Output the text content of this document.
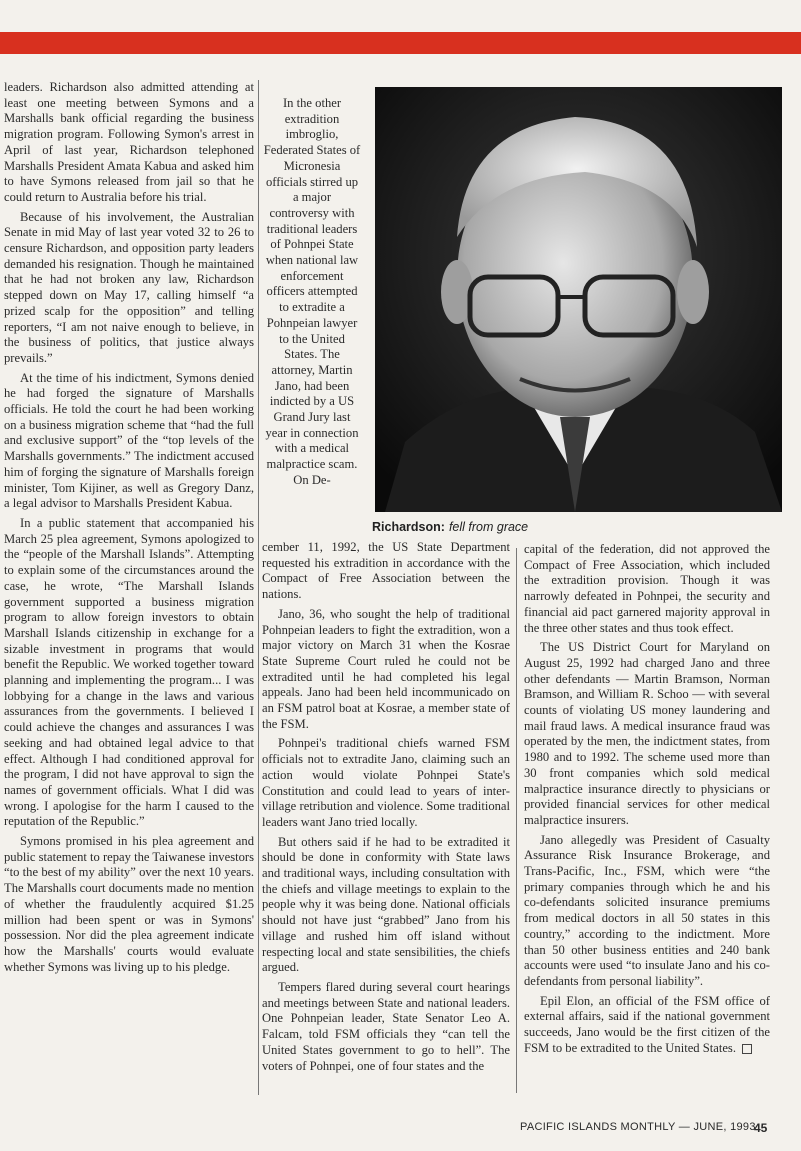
leaders. Richardson also admitted attending at least one meeting between Symons and a Marshalls bank official regarding the business migration program. Following Symon's arrest in April of last year, Richardson telephoned Marshalls President Amata Kabua and asked him to have Symons released from jail so that he could return to Australia before his trial.

Because of his involvement, the Australian Senate in mid May of last year voted 32 to 26 to censure Richardson, and opposition party leaders demanded his resignation. Though he maintained that he had not broken any law, Richardson stepped down on May 17, calling himself “a prized scalp for the opposition” and telling reporters, “I am not naive enough to believe, in the business of politics, that justice always prevails.”

At the time of his indictment, Symons denied he had forged the signature of Marshalls officials. He told the court he had been working on a business migration scheme that “had the full and exclusive support” of the “top levels of the Marshalls governments.” The indictment accused him of forging the signature of Marshalls foreign minister, Tom Kijiner, as well as Gregory Danz, a legal advisor to Marshalls President Kabua.

In a public statement that accompanied his March 25 plea agreement, Symons apologized to the “people of the Marshall Islands”. Attempting to explain some of the circumstances around the case, he wrote, “The Marshall Islands government supported a business migration program to allow foreign investors to obtain Marshall Islands citizenship in exchange for a sizable investment in programs that would benefit the Republic. We worked together toward planning and implementing the program... I was lobbying for a change in the laws and various assurances from the governments. I believed I could achieve the changes and assurances I was seeking and had obtained legal advice to that effect. Although I had conditioned approval for the program, I did not have approval to sign the names of government officials. What I did was wrong. I apologise for the harm I caused to the reputation of the Republic.”

Symons promised in his plea agreement and public statement to repay the Taiwanese investors “to the best of my ability” over the next 10 years. The Marshalls court documents made no mention of whether the fraudulently acquired $1.25 million had been spent or was in Symons' possession. Nor did the plea agreement indicate how the Marshalls' courts would evaluate whether Symons was living up to his pledge.

In the other extradition imbroglio, Federated States of Micronesia officials stirred up a major controversy with traditional leaders of Pohnpei State when national law enforcement officers attempted to extradite a Pohnpeian lawyer to the United States. The attorney, Martin Jano, had been indicted by a US Grand Jury last year in connection with a medical malpractice scam. On De-

Richardson: fell from grace

cember 11, 1992, the US State Department requested his extradition in accordance with the Compact of Free Association between the nations.

Jano, 36, who sought the help of traditional Pohnpeian leaders to fight the extradition, won a major victory on March 31 when the Kosrae State Supreme Court ruled he could not be extradited until he had completed his legal appeals. Jano had been held incommunicado on an FSM patrol boat at Kosrae, a member state of the FSM.

Pohnpei's traditional chiefs warned FSM officials not to extradite Jano, claiming such an action would violate Pohnpei State's Constitution and could lead to years of inter-village retribution and violence. Some traditional leaders want Jano tried locally.

But others said if he had to be extradited it should be done in conformity with State laws and traditional ways, including consultation with the chiefs and village meetings to explain to the people why it was being done. National officials should not have just “grabbed” Jano from his village and rushed him off island without respecting local and state sensibilities, the chiefs argued.

Tempers flared during several court hearings and meetings between State and national leaders. One Pohnpeian leader, State Senator Leo A. Falcam, told FSM officials they “can tell the United States government to go to hell”. The voters of Pohnpei, one of four states and the

capital of the federation, did not approved the Compact of Free Association, which included the extradition provision. Though it was narrowly defeated in Pohnpei, the security and financial aid pact garnered majority approval in the three other states and thus took effect.

The US District Court for Maryland on August 25, 1992 had charged Jano and three other defendants — Martin Bramson, Norman Bramson, and William R. Schoo — with several counts of violating US money laundering and mail fraud laws. A medical insurance fraud was operated by the men, the indictment states, from 1980 and to 1992. The scheme used more than 30 front companies which sold medical malpractice insurance directly to physicians or provided financial services for other medical malpractice insurers.

Jano allegedly was President of Casualty Assurance Risk Insurance Brokerage, and Trans-Pacific, Inc., FSM, which were “the primary companies through which he and his co-defendants solicited insurance premiums from medical doctors in all 50 states in this country,” according to the indictment. More than 50 other business entities and 240 bank accounts were used “to insulate Jano and his co-defendants from personal liability”.

Epil Elon, an official of the FSM office of external affairs, said if the national government succeeds, Jano would be the first citizen of the FSM to be extradited to the United States.

PACIFIC ISLANDS MONTHLY — JUNE, 1993
45
